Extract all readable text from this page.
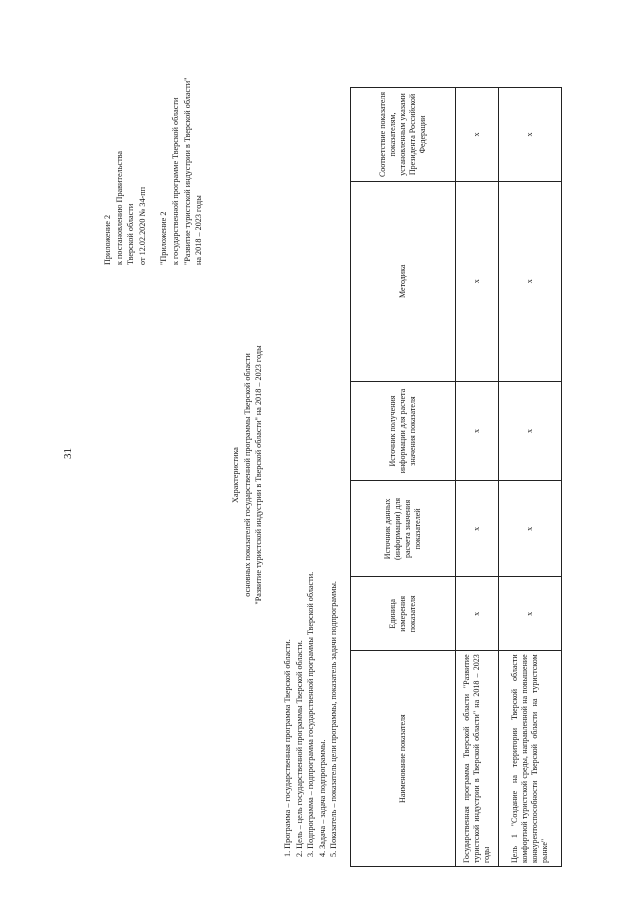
31
Приложение 2 к постановлению Правительства Тверской области от 12.02.2020 № 34-пп "Приложение 2 к государственной программе Тверской области "Развитие туристской индустрии в Тверской области" на 2018 – 2023 годы
Характеристика основных показателей государственной программы Тверской области "Развитие туристской индустрии в Тверской области" на 2018 – 2023 годы
1. Программа – государственная программа Тверской области. 2. Цель – цель государственной программы Тверской области. 3. Подпрограмма – подпрограмма государственной программы Тверской области. 4. Задача – задача подпрограммы. 5. Показатель – показатель цели программы, показатель задачи подпрограммы.	Наименование показателя	Единица измерения показателя	Источник данных (информации) для расчета значения показателей	Источник получения информации для расчета значения показателя	Методика	Соответствие показателя показателям, установленным указами Президента Российской Федерации
Государственная программа Тверской области "Развитие туристской индустрии в Тверской области" на 2018 – 2023 годы	х	х	х	х	х
Цель 1 "Создание на территории Тверской области комфортной туристской среды, направленной на повышение конкурентоспособности Тверской области на туристском рынке"	х	х	х	х	х
